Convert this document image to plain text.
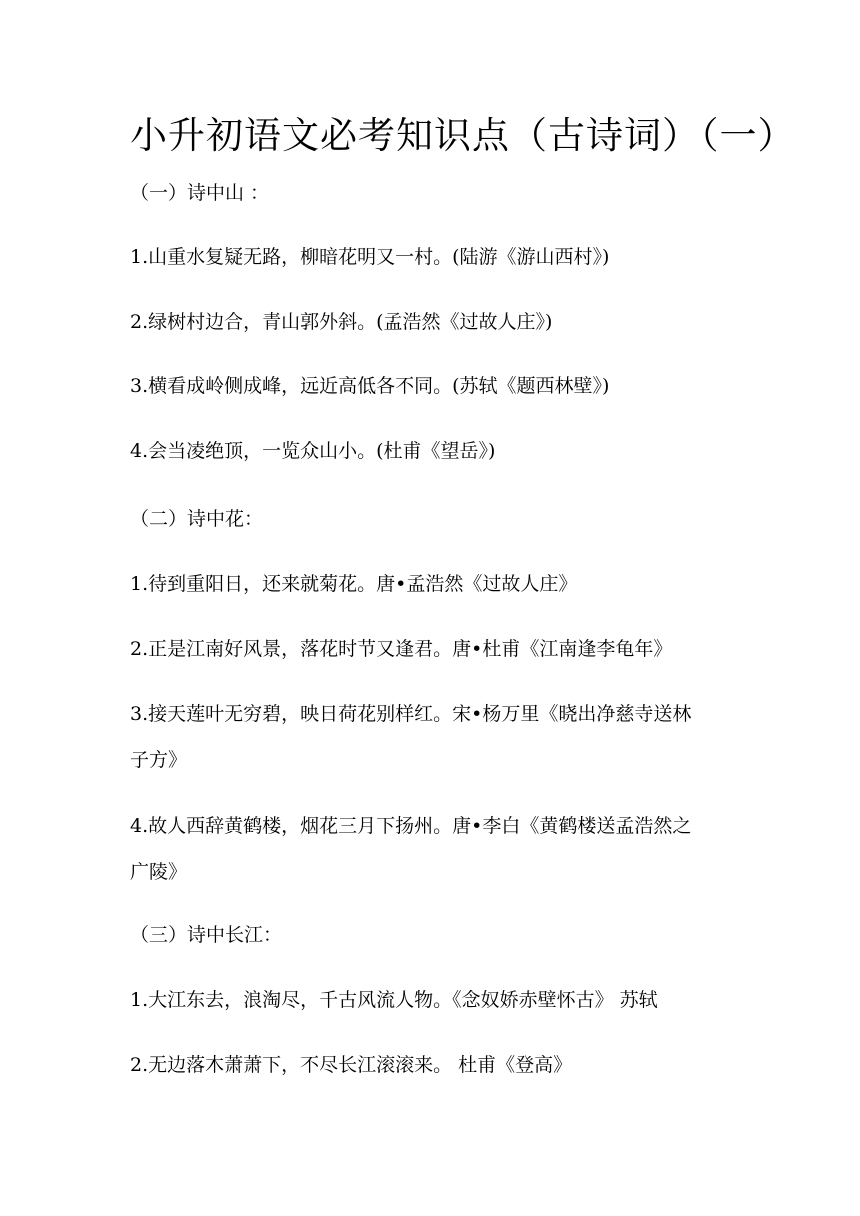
小升初语文必考知识点（古诗词）（一）

（一）诗中山 ：

1.山重水复疑无路，柳暗花明又一村。(陆游《游山西村》)

2.绿树村边合，青山郭外斜。(孟浩然《过故人庄》)

3.横看成岭侧成峰，远近高低各不同。(苏轼《题西林壁》)

4.会当凌绝顶，一览众山小。(杜甫《望岳》)

（二）诗中花：

1.待到重阳日，还来就菊花。唐•孟浩然《过故人庄》

2.正是江南好风景，落花时节又逢君。唐•杜甫《江南逢李龟年》

3.接天莲叶无穷碧，映日荷花别样红。宋•杨万里《晓出净慈寺送林

子方》

4.故人西辞黄鹤楼，烟花三月下扬州。唐•李白《黄鹤楼送孟浩然之

广陵》

（三）诗中长江：

1.大江东去，浪淘尽，千古风流人物。《念奴娇赤壁怀古》 苏轼

2.无边落木萧萧下，不尽长江滚滚来。 杜甫《登高》
